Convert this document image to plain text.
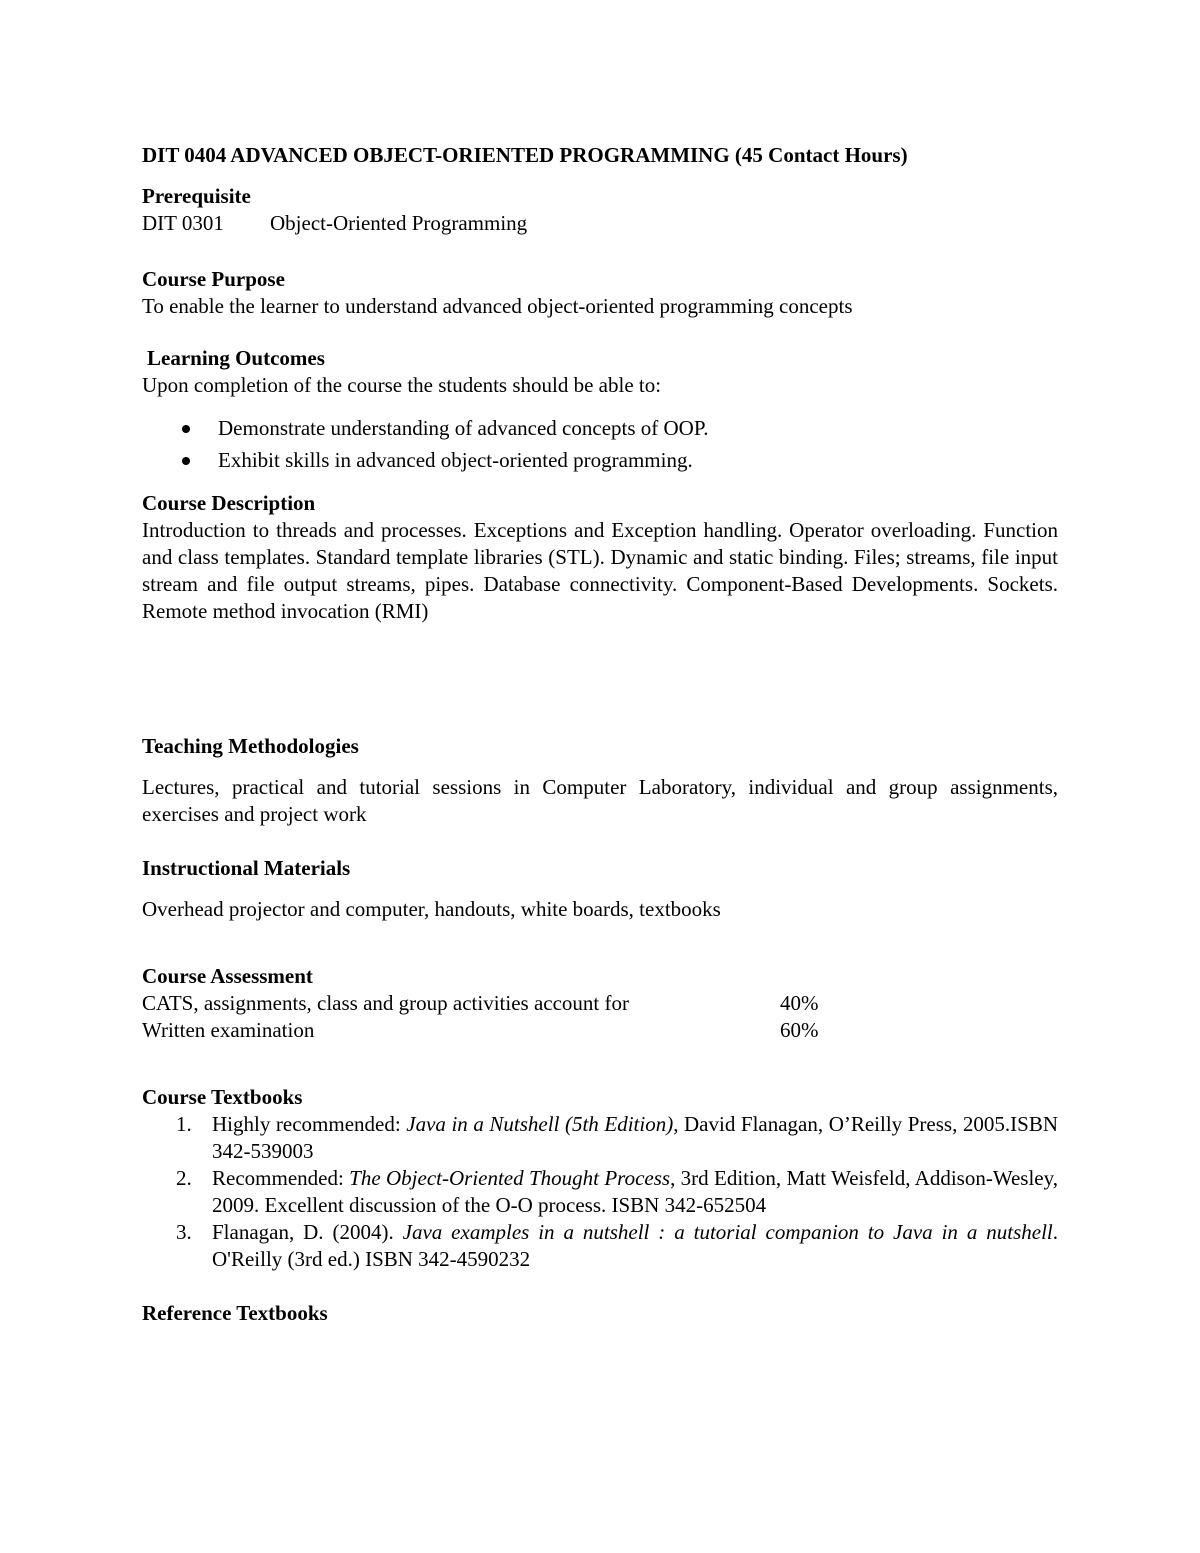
DIT 0404 ADVANCED OBJECT-ORIENTED PROGRAMMING (45 Contact Hours)

Prerequisite

DIT 0301	Object-Oriented Programming

Course Purpose

To enable the learner to understand advanced object-oriented programming concepts

Learning Outcomes

Upon completion of the course the students should be able to:

Demonstrate understanding of advanced concepts of OOP.
Exhibit skills in advanced object-oriented programming.

Course Description

Introduction to threads and processes. Exceptions and Exception handling. Operator overloading. Function and class templates. Standard template libraries (STL). Dynamic and static binding. Files; streams, file input stream and file output streams, pipes. Database connectivity. Component-Based Developments. Sockets. Remote method invocation (RMI)

Teaching Methodologies

Lectures, practical and tutorial sessions in Computer Laboratory, individual and group assignments, exercises and project work

Instructional Materials

Overhead projector and computer, handouts, white boards, textbooks

Course Assessment

CATS, assignments, class and group activities account for	40%
Written examination	60%

Course Textbooks

1. Highly recommended: Java in a Nutshell (5th Edition), David Flanagan, O’Reilly Press, 2005.ISBN 342-539003
2. Recommended: The Object-Oriented Thought Process, 3rd Edition, Matt Weisfeld, Addison-Wesley, 2009. Excellent discussion of the O-O process. ISBN 342-652504
3. Flanagan, D. (2004). Java examples in a nutshell : a tutorial companion to Java in a nutshell. O'Reilly (3rd ed.) ISBN 342-4590232

Reference Textbooks
